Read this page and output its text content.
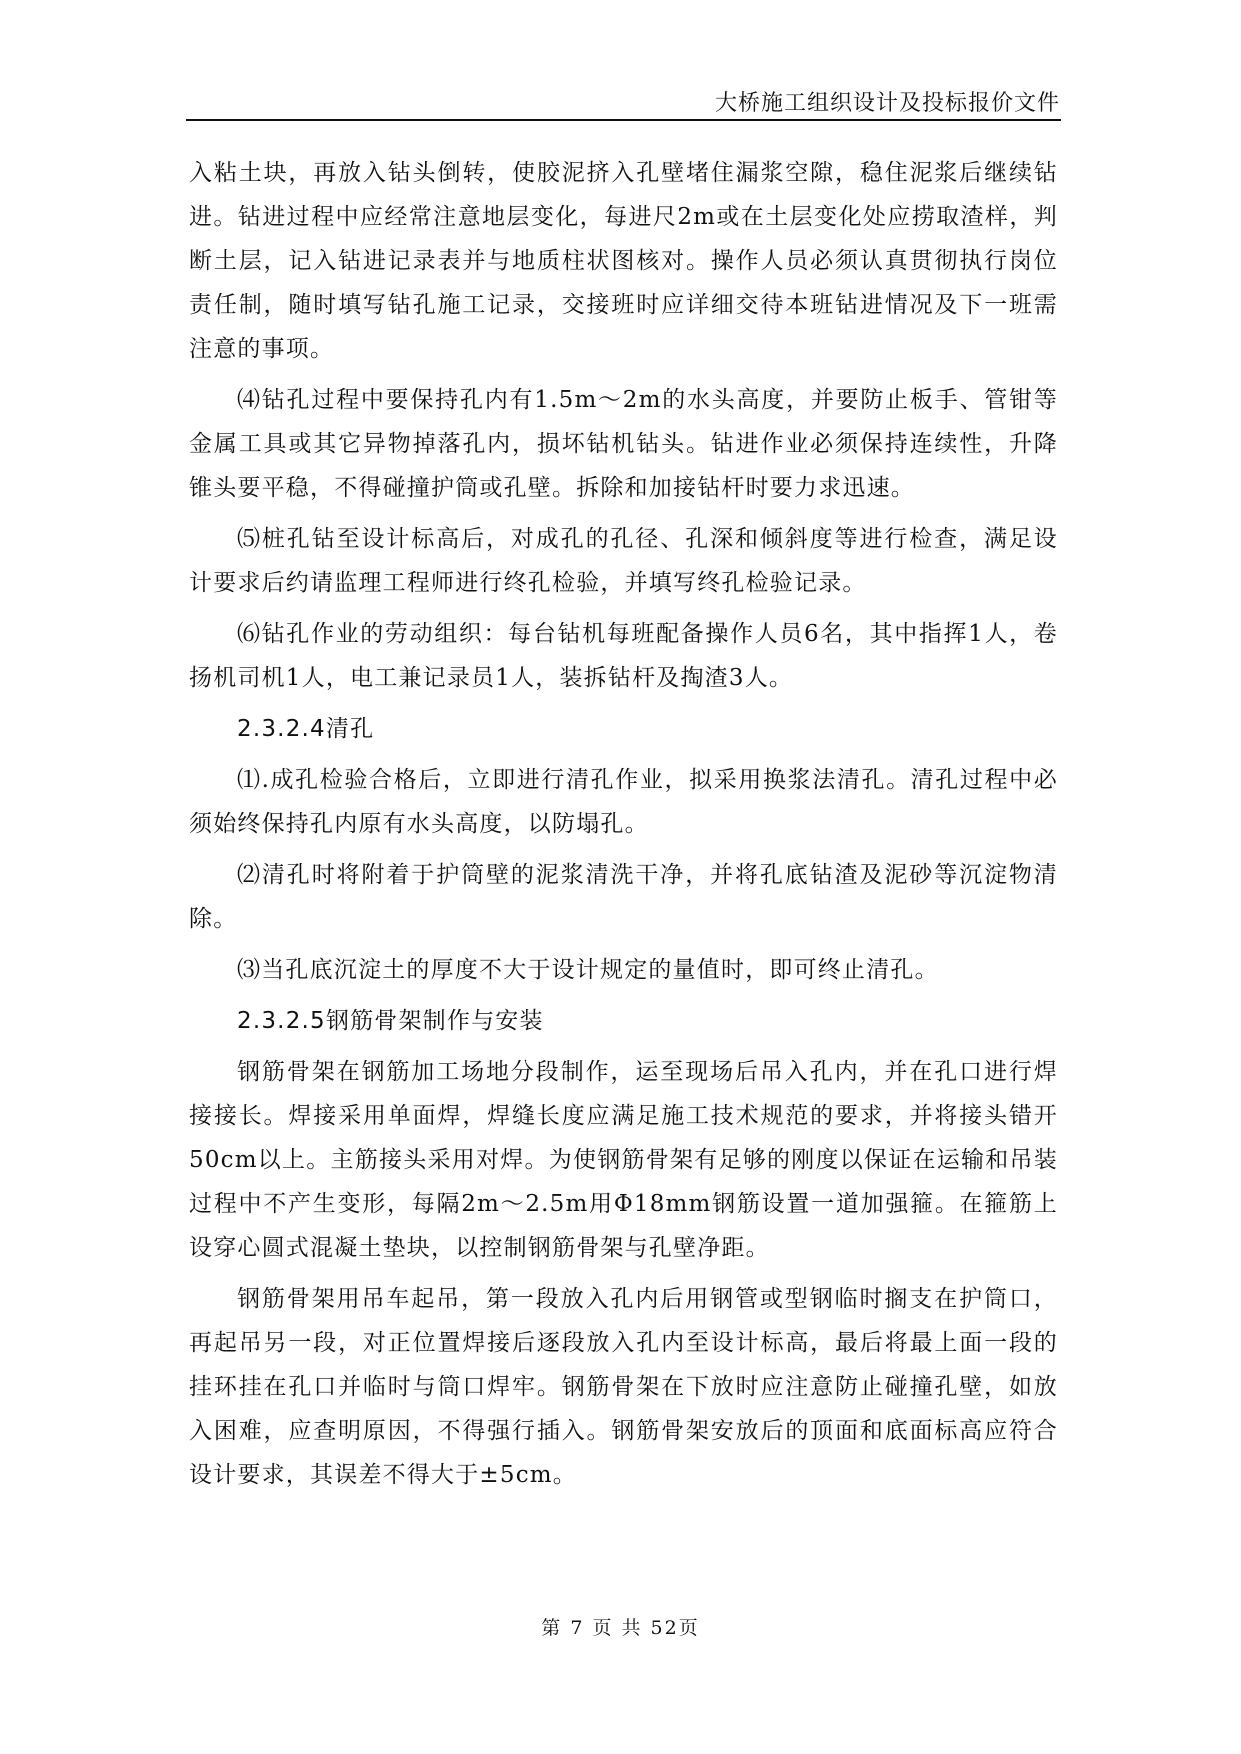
大桥施工组织设计及投标报价文件

入粘土块，再放入钻头倒转，使胶泥挤入孔壁堵住漏浆空隙，稳住泥浆后继续钻进。钻进过程中应经常注意地层变化，每进尺2m或在土层变化处应捞取渣样，判断土层，记入钻进记录表并与地质柱状图核对。操作人员必须认真贯彻执行岗位责任制，随时填写钻孔施工记录，交接班时应详细交待本班钻进情况及下一班需注意的事项。

⑷钻孔过程中要保持孔内有1.5m～2m的水头高度，并要防止板手、管钳等金属工具或其它异物掉落孔内，损坏钻机钻头。钻进作业必须保持连续性，升降锥头要平稳，不得碰撞护筒或孔壁。拆除和加接钻杆时要力求迅速。

⑸桩孔钻至设计标高后，对成孔的孔径、孔深和倾斜度等进行检查，满足设计要求后约请监理工程师进行终孔检验，并填写终孔检验记录。

⑹钻孔作业的劳动组织：每台钻机每班配备操作人员6名，其中指挥1人，卷扬机司机1人，电工兼记录员1人，装拆钻杆及掏渣3人。

2.3.2.4清孔

⑴.成孔检验合格后，立即进行清孔作业，拟采用换浆法清孔。清孔过程中必须始终保持孔内原有水头高度，以防塌孔。

⑵清孔时将附着于护筒壁的泥浆清洗干净，并将孔底钻渣及泥砂等沉淀物清除。

⑶当孔底沉淀土的厚度不大于设计规定的量值时，即可终止清孔。

2.3.2.5钢筋骨架制作与安装

钢筋骨架在钢筋加工场地分段制作，运至现场后吊入孔内，并在孔口进行焊接接长。焊接采用单面焊，焊缝长度应满足施工技术规范的要求，并将接头错开50cm以上。主筋接头采用对焊。为使钢筋骨架有足够的刚度以保证在运输和吊装过程中不产生变形，每隔2m～2.5m用Φ18mm钢筋设置一道加强箍。在箍筋上设穿心圆式混凝土垫块，以控制钢筋骨架与孔壁净距。

钢筋骨架用吊车起吊，第一段放入孔内后用钢管或型钢临时搁支在护筒口，再起吊另一段，对正位置焊接后逐段放入孔内至设计标高，最后将最上面一段的挂环挂在孔口并临时与筒口焊牢。钢筋骨架在下放时应注意防止碰撞孔壁，如放入困难，应查明原因，不得强行插入。钢筋骨架安放后的顶面和底面标高应符合设计要求，其误差不得大于±5cm。

第 7 页 共 52页
